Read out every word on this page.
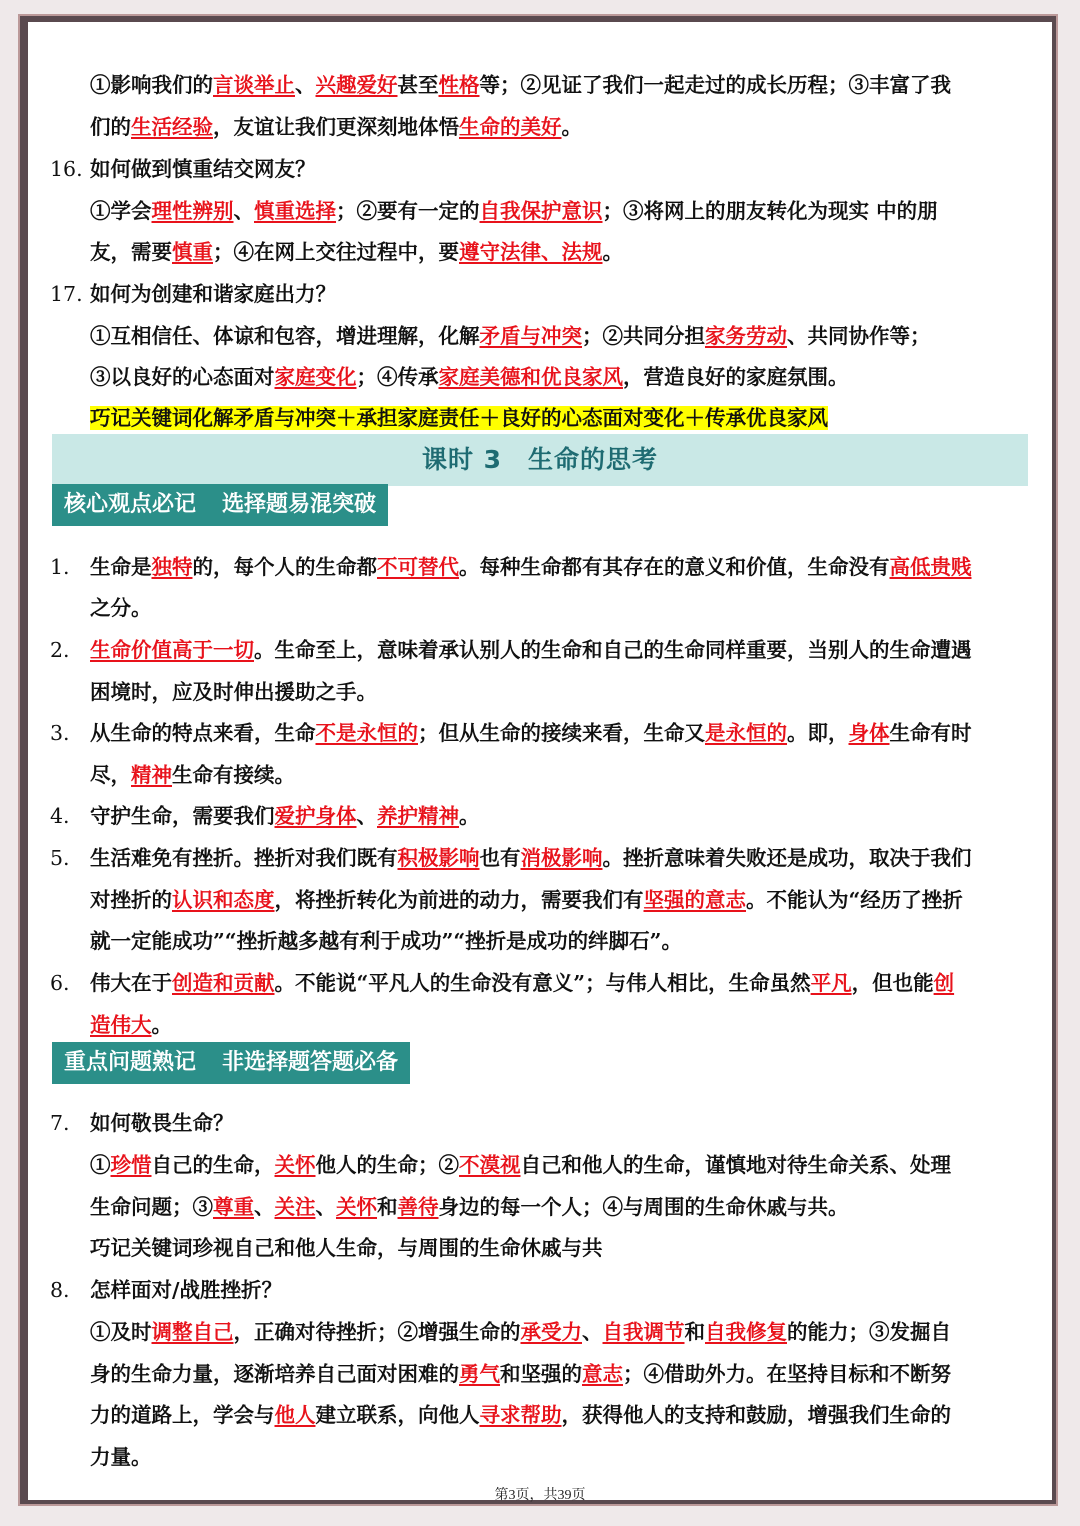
①影响我们的言谈举止、兴趣爱好甚至性格等；②见证了我们一起走过的成长历程；③丰富了我
们的生活经验，友谊让我们更深刻地体悟生命的美好。
16. 如何做到慎重结交网友？
①学会理性辨别、慎重选择；②要有一定的自我保护意识；③将网上的朋友转化为现实 中的朋
友，需要慎重；④在网上交往过程中，要遵守法律、法规。
17. 如何为创建和谐家庭出力？
①互相信任、体谅和包容，增进理解，化解矛盾与冲突；②共同分担家务劳动、共同协作等；
③以良好的心态面对家庭变化；④传承家庭美德和优良家风，营造良好的家庭氛围。
巧记关键词化解矛盾与冲突＋承担家庭责任＋良好的心态面对变化＋传承优良家风
课时 3　生命的思考
核心观点必记 选择题易混突破
1. 生命是独特的，每个人的生命都不可替代。每种生命都有其存在的意义和价值，生命没有高低贵贱
之分。
2. 生命价值高于一切。生命至上，意味着承认别人的生命和自己的生命同样重要，当别人的生命遭遇
困境时，应及时伸出援助之手。
3. 从生命的特点来看，生命不是永恒的；但从生命的接续来看，生命又是永恒的。即，身体生命有时
尽，精神生命有接续。
4. 守护生命，需要我们爱护身体、养护精神。
5. 生活难免有挫折。挫折对我们既有积极影响也有消极影响。挫折意味着失败还是成功，取决于我们
对挫折的认识和态度，将挫折转化为前进的动力，需要我们有坚强的意志。不能认为“经历了挫折
就一定能成功”“挫折越多越有利于成功”“挫折是成功的绊脚石”。
6. 伟大在于创造和贡献。不能说“平凡人的生命没有意义”；与伟人相比，生命虽然平凡，但也能创
造伟大。
重点问题熟记 非选择题答题必备
7. 如何敬畏生命？
①珍惜自己的生命，关怀他人的生命；②不漠视自己和他人的生命，谨慎地对待生命关系、处理
生命问题；③尊重、关注、关怀和善待身边的每一个人；④与周围的生命休戚与共。
巧记关键词珍视自己和他人生命，与周围的生命休戚与共
8. 怎样面对/战胜挫折？
①及时调整自己，正确对待挫折；②增强生命的承受力、自我调节和自我修复的能力；③发掘自
身的生命力量，逐渐培养自己面对困难的勇气和坚强的意志；④借助外力。在坚持目标和不断努
力的道路上，学会与他人建立联系，向他人寻求帮助，获得他人的支持和鼓励，增强我们生命的
力量。
第3页，共39页
